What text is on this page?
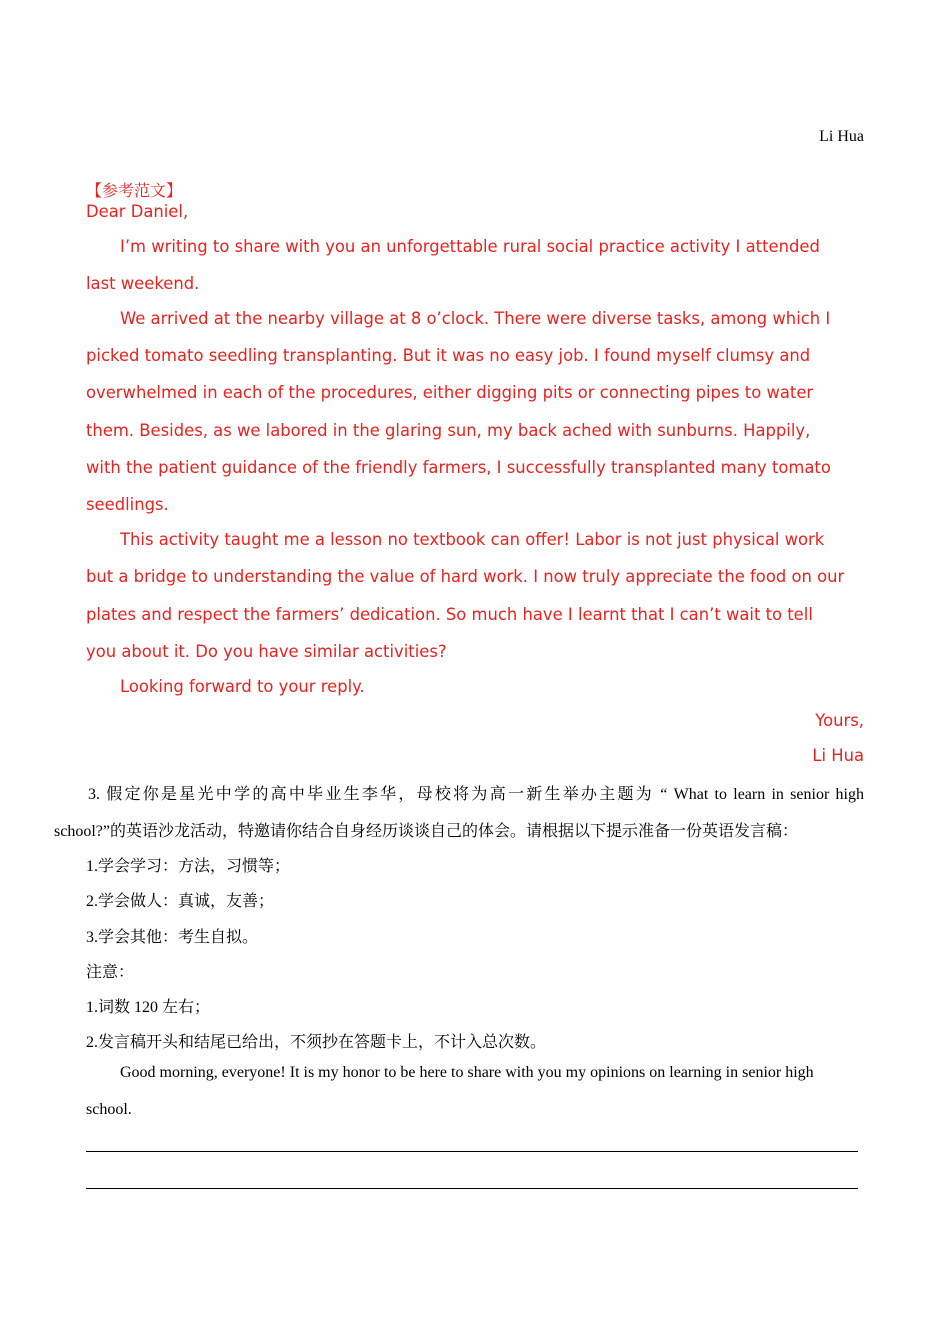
Li Hua
【参考范文】
Dear Daniel,
I’m writing to share with you an unforgettable rural social practice activity I attended
last weekend.
We arrived at the nearby village at 8 o’clock. There were diverse tasks, among which I
picked tomato seedling transplanting. But it was no easy job. I found myself clumsy and
overwhelmed in each of the procedures, either digging pits or connecting pipes to water
them. Besides, as we labored in the glaring sun, my back ached with sunburns. Happily,
with the patient guidance of the friendly farmers, I successfully transplanted many tomato
seedlings.
This activity taught me a lesson no textbook can offer! Labor is not just physical work
but a bridge to understanding the value of hard work. I now truly appreciate the food on our
plates and respect the farmers’ dedication. So much have I learnt that I can’t wait to tell
you about it. Do you have similar activities?
Looking forward to your reply.
Yours,
Li Hua
3. 假定你是星光中学的高中毕业生李华，母校将为高一新生举办主题为 “ What to learn in senior high
school?”的英语沙龙活动，特邀请你结合自身经历谈谈自己的体会。请根据以下提示准备一份英语发言稿：
1.学会学习：方法，习惯等；
2.学会做人：真诚，友善；
3.学会其他：考生自拟。
注意：
1.词数 120 左右；
2.发言稿开头和结尾已给出，不须抄在答题卡上，不计入总次数。
Good morning, everyone! It is my honor to be here to share with you my opinions on learning in senior high
school.
